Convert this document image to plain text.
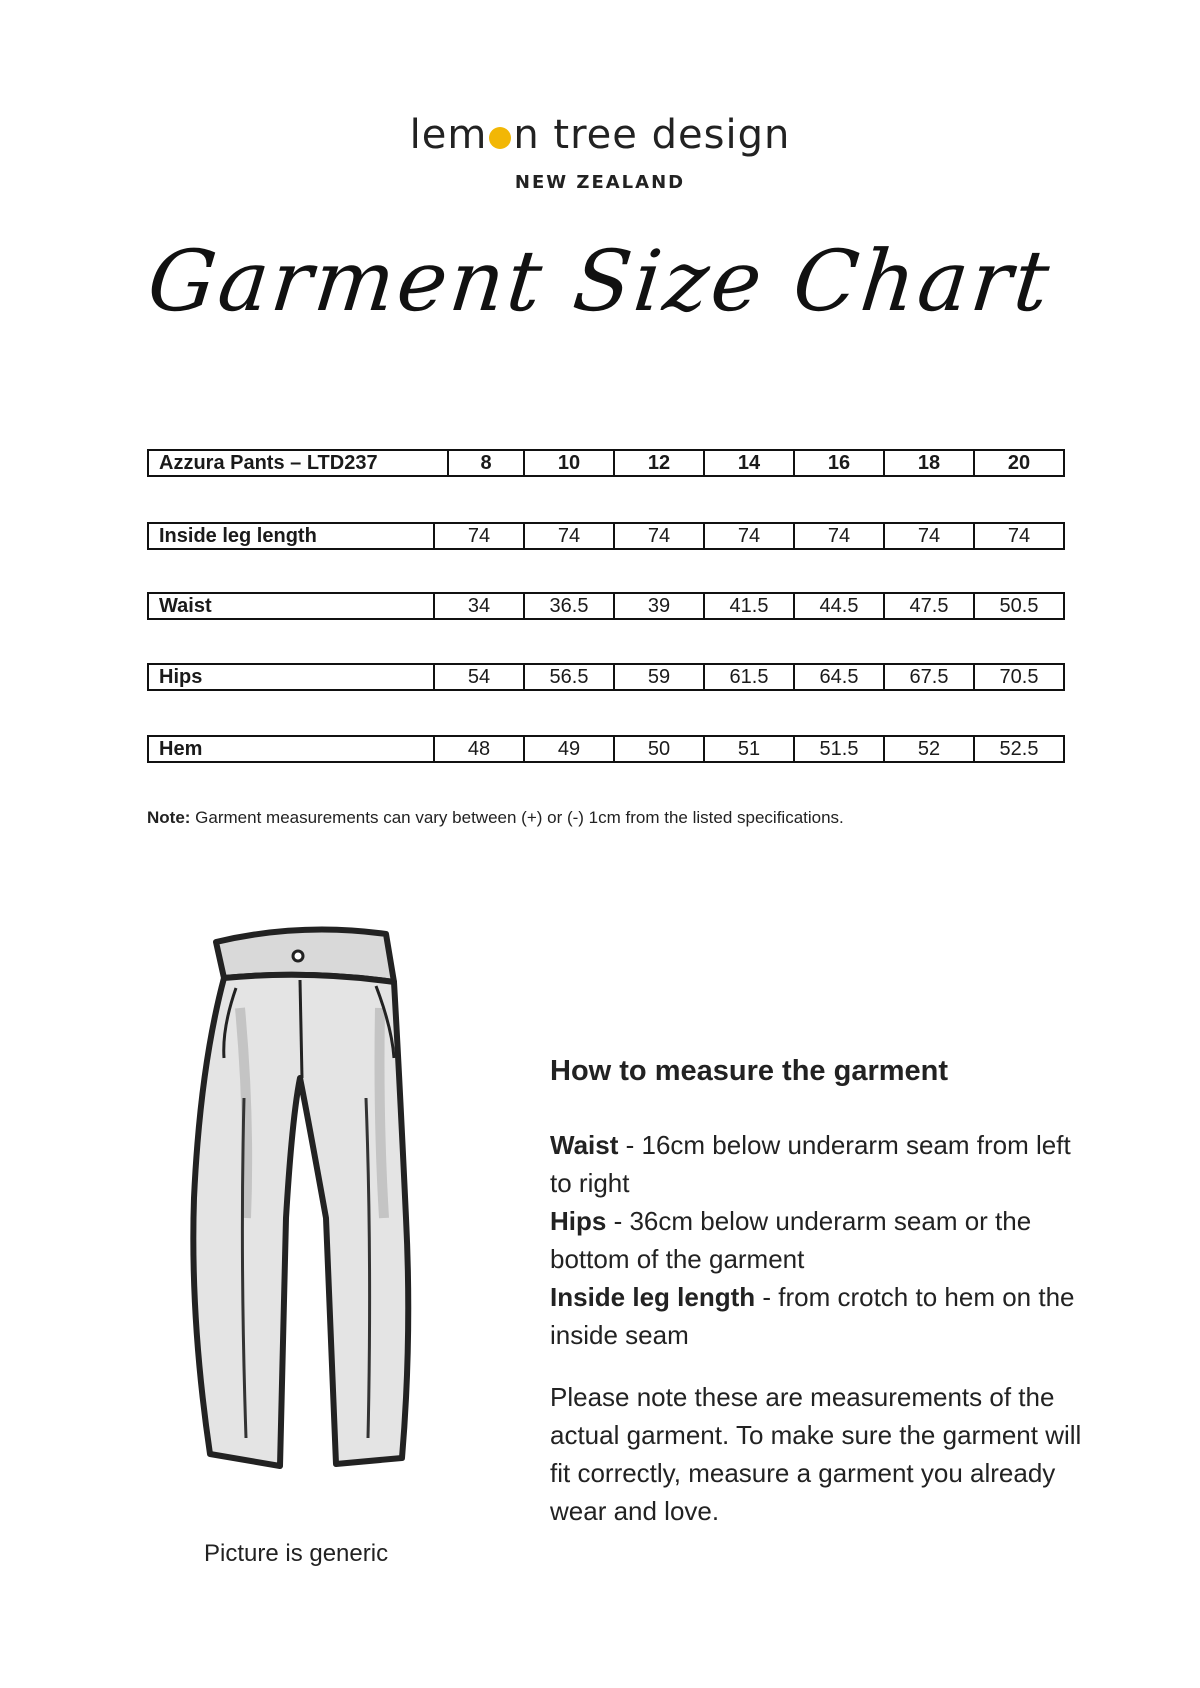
lem n tree design
NEW ZEALAND
Garment Size Chart
Azzura Pants – LTD237	8	10	12	14	16	18	20
Inside leg length	74	74	74	74	74	74	74
Waist	34	36.5	39	41.5	44.5	47.5	50.5
Hips	54	56.5	59	61.5	64.5	67.5	70.5
Hem	48	49	50	51	51.5	52	52.5
Note: Garment measurements can vary between (+) or (-) 1cm from the listed specifications.
Picture is generic
How to measure the garment

Waist - 16cm below underarm seam from left to right

Hips - 36cm below underarm seam or the bottom of the garment

Inside leg length - from crotch to hem on the inside seam

Please note these are measurements of the actual garment. To make sure the garment will fit correctly, measure a garment you already wear and love.
